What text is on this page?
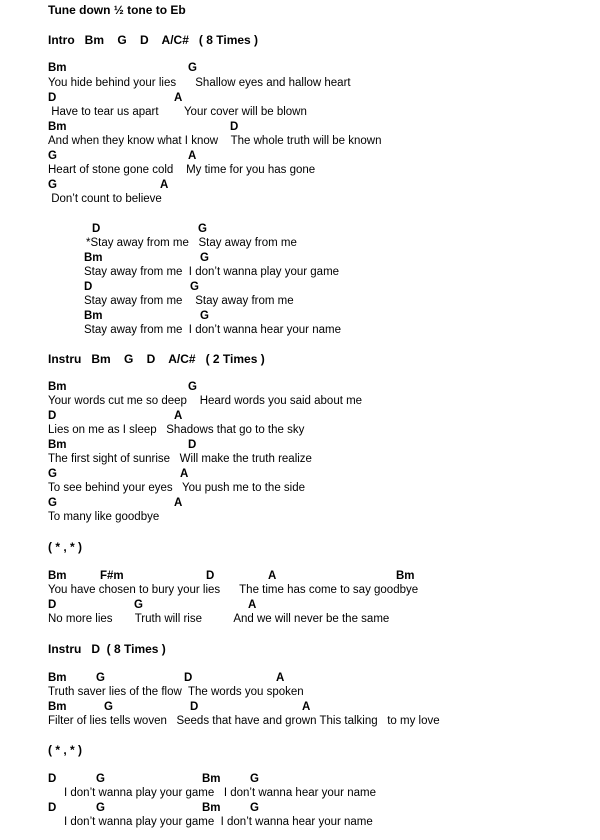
Tune down ½ tone to Eb
Intro   Bm    G    D    A/C#   ( 8 Times )
Bm	G
You hide behind your lies      Shallow eyes and hallow heart
D	A
Have to tear us apart        Your cover will be blown
Bm	D
And when they know what I know    The whole truth will be known
G	A
Heart of stone gone cold    My time for you has gone
G	A
Don’t count to believe
D	G
*Stay away from me   Stay away from me
Bm	G
Stay away from me  I don’t wanna play your game
D	G
Stay away from me    Stay away from me
Bm	G
Stay away from me  I don’t wanna hear your name
Instru   Bm    G    D    A/C#   ( 2 Times )
Bm	G
Your words cut me so deep    Heard words you said about me
D	A
Lies on me as I sleep   Shadows that go to the sky
Bm	D
The first sight of sunrise   Will make the truth realize
G	A
To see behind your eyes   You push me to the side
G	A
To many like goodbye
( * , * )
Bm	F#m	D	A	Bm
You have chosen to bury your lies      The time has come to say goodbye
D	G	A
No more lies       Truth will rise          And we will never be the same
Instru   D  ( 8 Times )
Bm	G	D	A
Truth saver lies of the flow  The words you spoken
Bm	G	D	A
Filter of lies tells woven   Seeds that have and grown This talking   to my love
( * , * )
D	G	Bm	G
I don’t wanna play your game   I don’t wanna hear your name
D	G	Bm	G
I don’t wanna play your game  I don’t wanna hear your name
